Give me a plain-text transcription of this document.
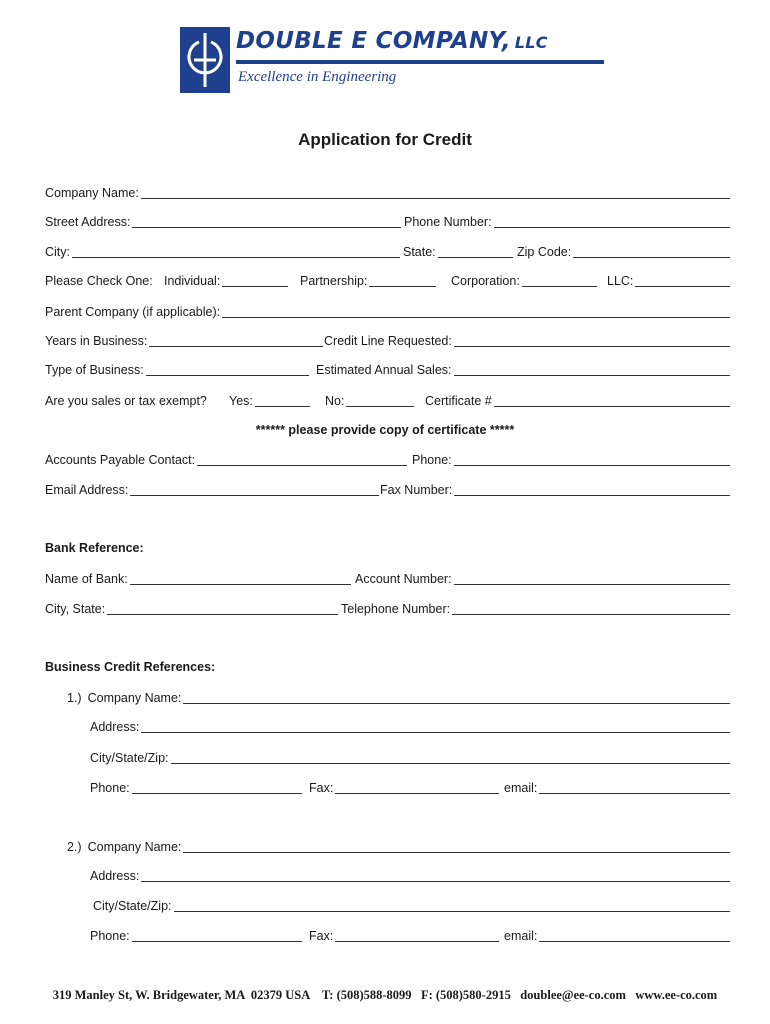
DOUBLE E COMPANY, LLC
Excellence in Engineering
Application for Credit
Company Name:
Street Address:	Phone Number:
City:	State:	Zip Code:
Please Check One: Individual:	Partnership:	Corporation:	LLC:
Parent Company (if applicable):
Years in Business:	Credit Line Requested:
Type of Business:	Estimated Annual Sales:
Are you sales or tax exempt? Yes:	No:	Certificate #
****** please provide copy of certificate *****
Accounts Payable Contact:	Phone:
Email Address:	Fax Number:
Bank Reference:
Name of Bank:	Account Number:
City, State:	Telephone Number:
Business Credit References:
1.) Company Name:
Address:
City/State/Zip:
Phone:	Fax:	email:
2.) Company Name:
Address:
City/State/Zip:
Phone:	Fax:	email:
319 Manley St, W. Bridgewater, MA  02379 USA T: (508)588-8099 F: (508)580-2915 doublee@ee-co.com www.ee-co.com
